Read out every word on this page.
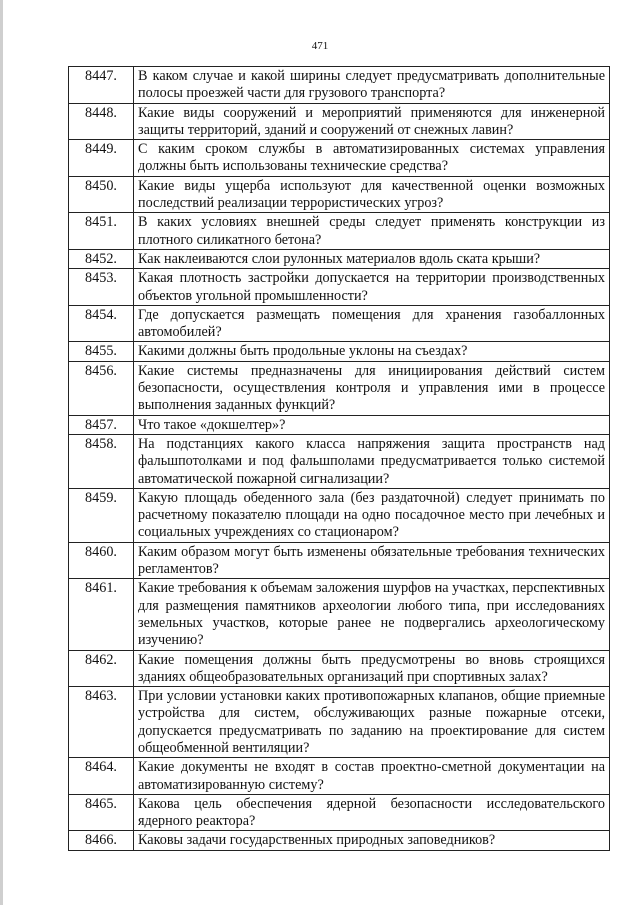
471
8447.	В каком случае и какой ширины следует предусматривать дополнительные полосы проезжей части для грузового транспорта?
8448.	Какие виды сооружений и мероприятий применяются для инженерной защиты территорий, зданий и сооружений от снежных лавин?
8449.	С каким сроком службы в автоматизированных системах управления должны быть использованы технические средства?
8450.	Какие виды ущерба используют для качественной оценки возможных последствий реализации террористических угроз?
8451.	В каких условиях внешней среды следует применять конструкции из плотного силикатного бетона?
8452.	Как наклеиваются слои рулонных материалов вдоль ската крыши?
8453.	Какая плотность застройки допускается на территории производственных объектов угольной промышленности?
8454.	Где допускается размещать помещения для хранения газобаллонных автомобилей?
8455.	Какими должны быть продольные уклоны на съездах?
8456.	Какие системы предназначены для инициирования действий систем безопасности, осуществления контроля и управления ими в процессе выполнения заданных функций?
8457.	Что такое «докшелтер»?
8458.	На подстанциях какого класса напряжения защита пространств над фальшпотолками и под фальшполами предусматривается только системой автоматической пожарной сигнализации?
8459.	Какую площадь обеденного зала (без раздаточной) следует принимать по расчетному показателю площади на одно посадочное место при лечебных и социальных учреждениях со стационаром?
8460.	Каким образом могут быть изменены обязательные требования технических регламентов?
8461.	Какие требования к объемам заложения шурфов на участках, перспективных для размещения памятников археологии любого типа, при исследованиях земельных участков, которые ранее не подвергались археологическому изучению?
8462.	Какие помещения должны быть предусмотрены во вновь строящихся зданиях общеобразовательных организаций при спортивных залах?
8463.	При условии установки каких противопожарных клапанов, общие приемные устройства для систем, обслуживающих разные пожарные отсеки, допускается предусматривать по заданию на проектирование для систем общеобменной вентиляции?
8464.	Какие документы не входят в состав проектно-сметной документации на автоматизированную систему?
8465.	Какова цель обеспечения ядерной безопасности исследовательского ядерного реактора?
8466.	Каковы задачи государственных природных заповедников?
